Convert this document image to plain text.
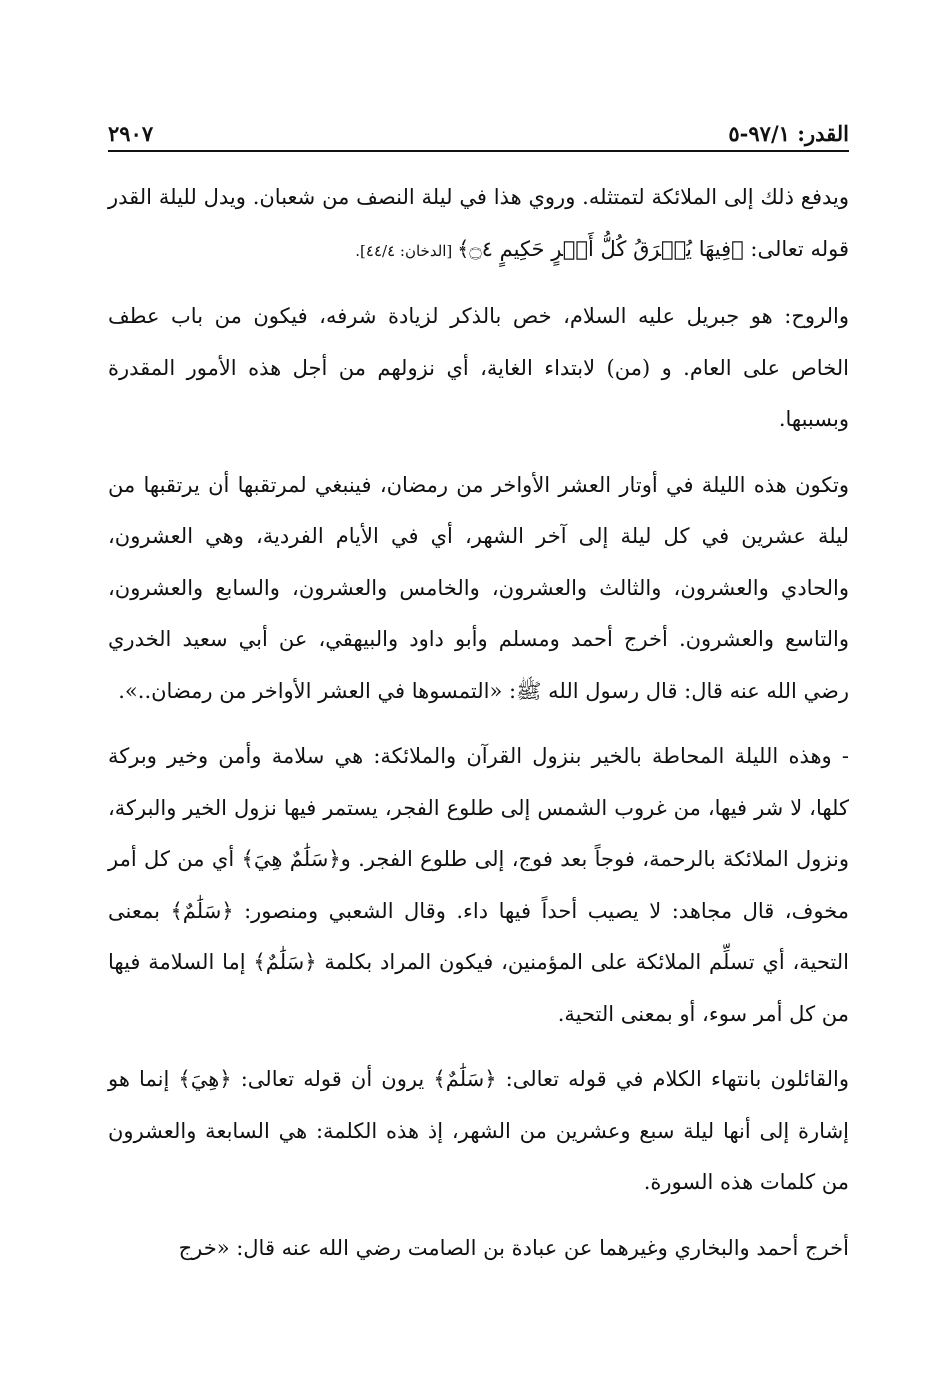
القدر: ٩٧/١-٥
٢٩٠٧

ويدفع ذلك إلى الملائكة لتمتثله. وروي هذا في ليلة النصف من شعبان. ويدل لليلة القدر قوله تعالى: ﴿فِيهَا يُفۡرَقُ كُلُّ أَمۡرٍ حَكِيمٍ ۝٤﴾ [الدخان: ٤٤/٤].

والروح: هو جبريل عليه السلام، خص بالذكر لزيادة شرفه، فيكون من باب عطف الخاص على العام. و (من) لابتداء الغاية، أي نزولهم من أجل هذه الأمور المقدرة وبسببها.

وتكون هذه الليلة في أوتار العشر الأواخر من رمضان، فينبغي لمرتقبها أن يرتقبها من ليلة عشرين في كل ليلة إلى آخر الشهر، أي في الأيام الفردية، وهي العشرون، والحادي والعشرون، والثالث والعشرون، والخامس والعشرون، والسابع والعشرون، والتاسع والعشرون. أخرج أحمد ومسلم وأبو داود والبيهقي، عن أبي سعيد الخدري رضي الله عنه قال: قال رسول الله ﷺ: «التمسوها في العشر الأواخر من رمضان..».

- وهذه الليلة المحاطة بالخير بنزول القرآن والملائكة: هي سلامة وأمن وخير وبركة كلها، لا شر فيها، من غروب الشمس إلى طلوع الفجر، يستمر فيها نزول الخير والبركة، ونزول الملائكة بالرحمة، فوجاً بعد فوج، إلى طلوع الفجر. و﴿سَلَٰمٌ هِيَ﴾ أي من كل أمر مخوف، قال مجاهد: لا يصيب أحداً فيها داء. وقال الشعبي ومنصور: ﴿سَلَٰمٌ﴾ بمعنى التحية، أي تسلِّم الملائكة على المؤمنين، فيكون المراد بكلمة ﴿سَلَٰمٌ﴾ إما السلامة فيها من كل أمر سوء، أو بمعنى التحية.

والقائلون بانتهاء الكلام في قوله تعالى: ﴿سَلَٰمٌ﴾ يرون أن قوله تعالى: ﴿هِيَ﴾ إنما هو إشارة إلى أنها ليلة سبع وعشرين من الشهر، إذ هذه الكلمة: هي السابعة والعشرون من كلمات هذه السورة.

أخرج أحمد والبخاري وغيرهما عن عبادة بن الصامت رضي الله عنه قال: «خرج
